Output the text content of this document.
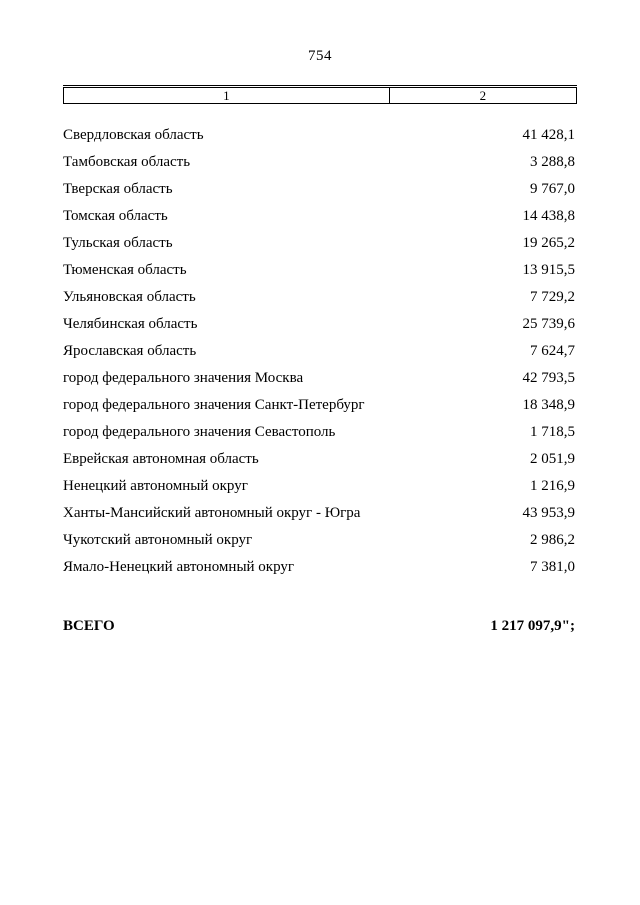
754
1	2
Свердловская область	41 428,1
Тамбовская область	3 288,8
Тверская область	9 767,0
Томская область	14 438,8
Тульская область	19 265,2
Тюменская область	13 915,5
Ульяновская область	7 729,2
Челябинская область	25 739,6
Ярославская область	7 624,7
город федерального значения Москва	42 793,5
город федерального значения Санкт-Петербург	18 348,9
город федерального значения Севастополь	1 718,5
Еврейская автономная область	2 051,9
Ненецкий автономный округ	1 216,9
Ханты-Мансийский автономный округ - Югра	43 953,9
Чукотский автономный округ	2 986,2
Ямало-Ненецкий автономный округ	7 381,0
ВСЕГО	1 217 097,9";
